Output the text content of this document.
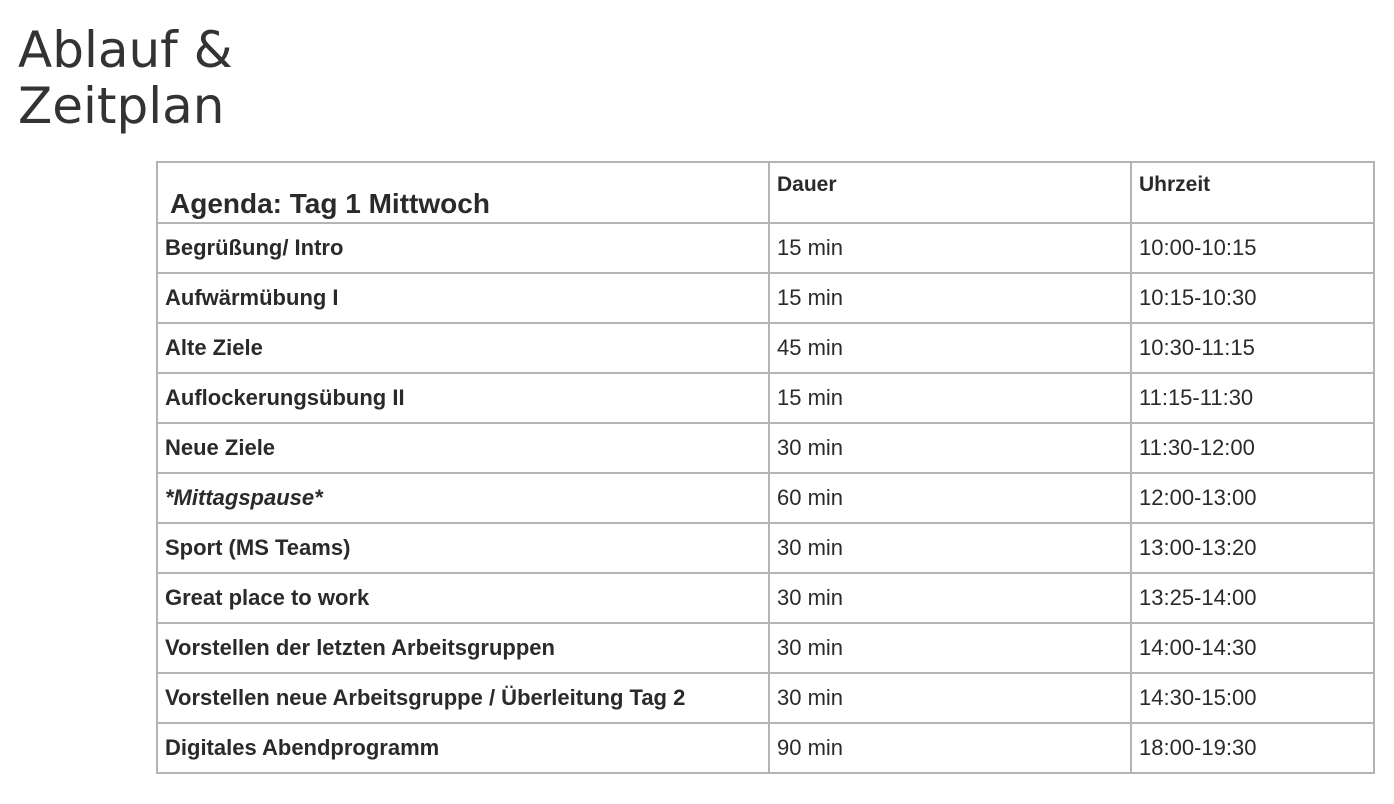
Ablauf &
Zeitplan
Agenda: Tag 1 Mittwoch	Dauer	Uhrzeit
Begrüßung/ Intro	15 min	10:00-10:15
Aufwärmübung I	15 min	10:15-10:30
Alte Ziele	45 min	10:30-11:15
Auflockerungsübung II	15 min	11:15-11:30
Neue Ziele	30 min	11:30-12:00
*Mittagspause*	60 min	12:00-13:00
Sport (MS Teams)	30 min	13:00-13:20
Great place to work	30 min	13:25-14:00
Vorstellen der letzten Arbeitsgruppen	30 min	14:00-14:30
Vorstellen neue Arbeitsgruppe / Überleitung Tag 2	30 min	14:30-15:00
Digitales Abendprogramm	90 min	18:00-19:30
